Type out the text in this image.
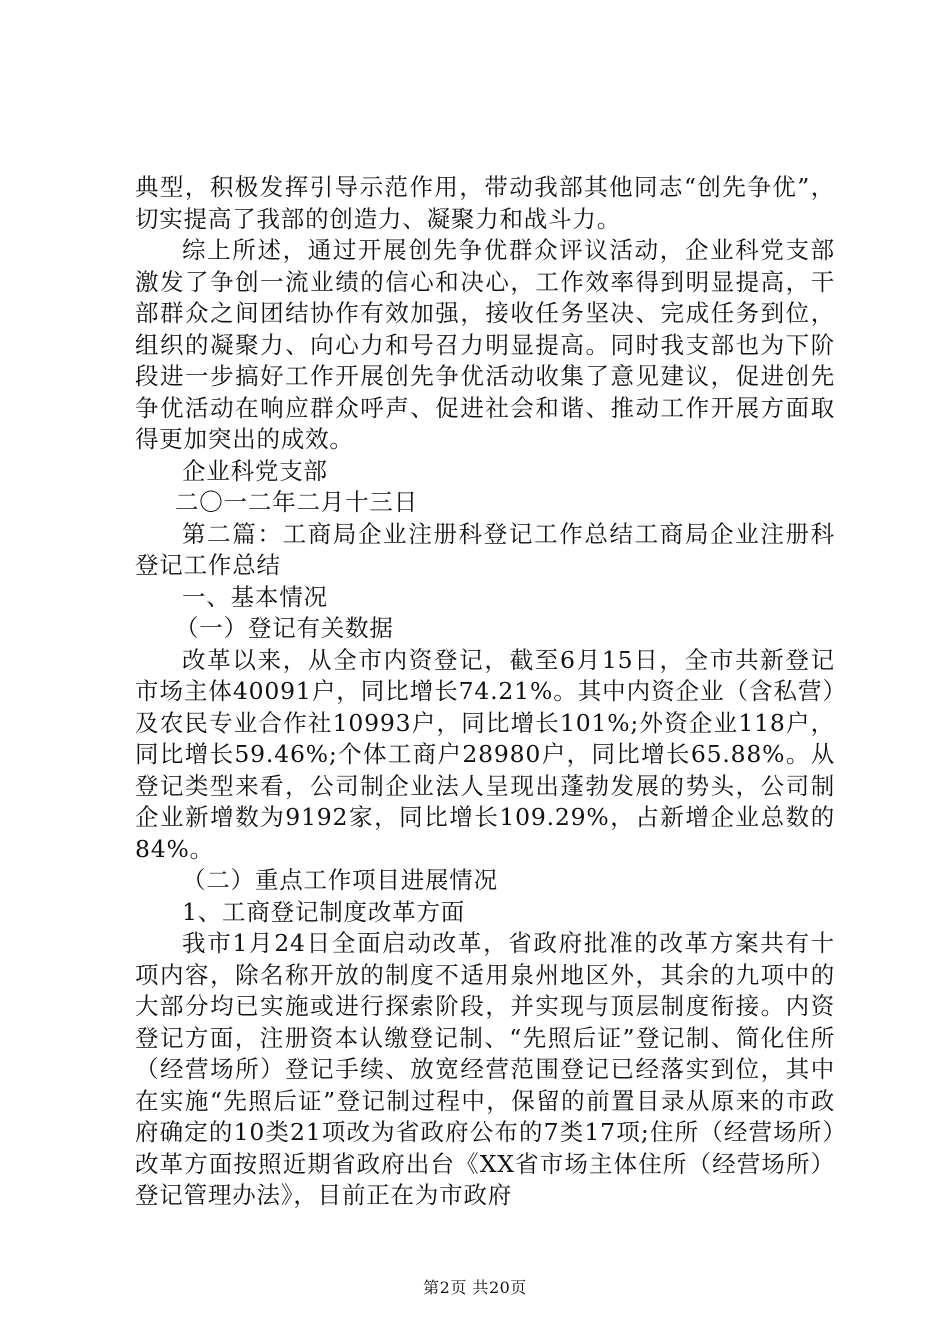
典型，积极发挥引导示范作用，带动我部其他同志“创先争优”，切实提高了我部的创造力、凝聚力和战斗力。

综上所述，通过开展创先争优群众评议活动，企业科党支部激发了争创一流业绩的信心和决心，工作效率得到明显提高，干部群众之间团结协作有效加强，接收任务坚决、完成任务到位，组织的凝聚力、向心力和号召力明显提高。同时我支部也为下阶段进一步搞好工作开展创先争优活动收集了意见建议，促进创先争优活动在响应群众呼声、促进社会和谐、推动工作开展方面取得更加突出的成效。

企业科党支部

二〇一二年二月十三日

第二篇：工商局企业注册科登记工作总结工商局企业注册科登记工作总结

一、基本情况

（一）登记有关数据

改革以来，从全市内资登记，截至6月15日，全市共新登记市场主体40091户，同比增长74.21%。其中内资企业（含私营）及农民专业合作社10993户，同比增长101%;外资企业118户，同比增长59.46%;个体工商户28980户，同比增长65.88%。从登记类型来看，公司制企业法人呈现出蓬勃发展的势头，公司制企业新增数为9192家，同比增长109.29%，占新增企业总数的84%。

（二）重点工作项目进展情况

1、工商登记制度改革方面

我市1月24日全面启动改革，省政府批准的改革方案共有十项内容，除名称开放的制度不适用泉州地区外，其余的九项中的大部分均已实施或进行探索阶段，并实现与顶层制度衔接。内资登记方面，注册资本认缴登记制、“先照后证”登记制、简化住所（经营场所）登记手续、放宽经营范围登记已经落实到位，其中在实施“先照后证”登记制过程中，保留的前置目录从原来的市政府确定的10类21项改为省政府公布的7类17项;住所（经营场所）改革方面按照近期省政府出台《XX省市场主体住所（经营场所）登记管理办法》，目前正在为市政府

第2页 共20页
